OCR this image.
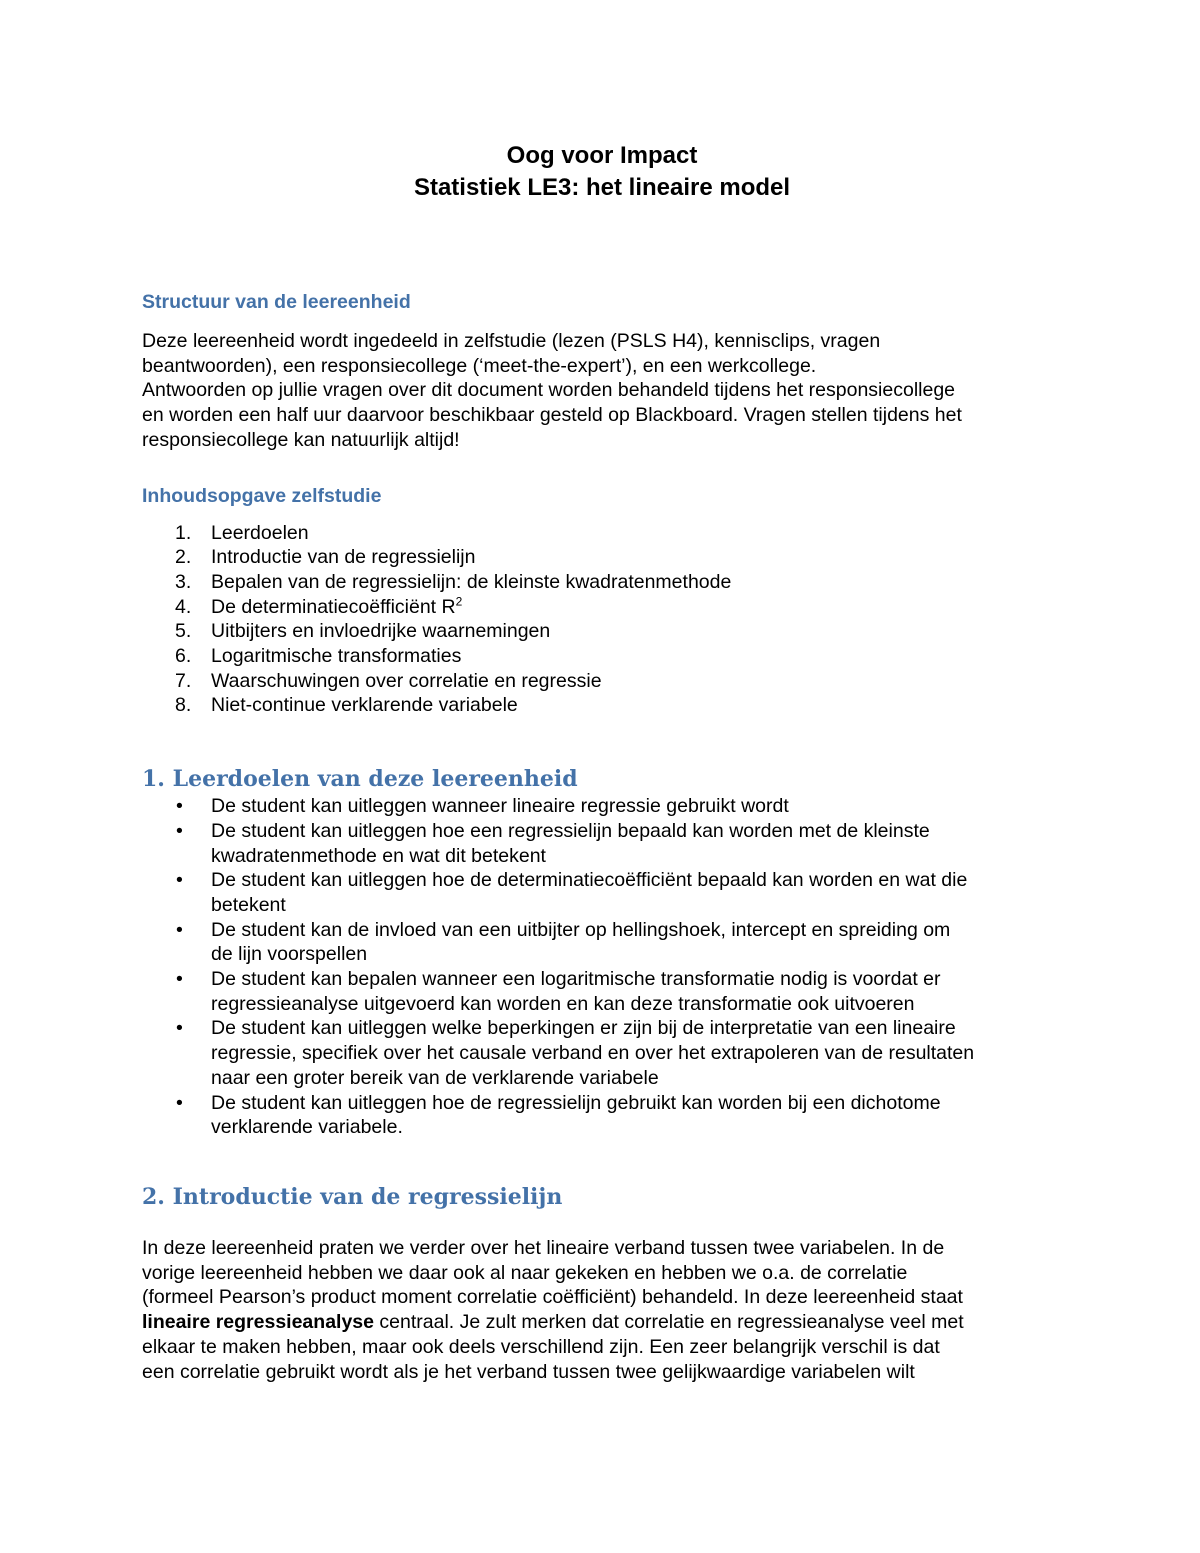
Oog voor Impact

Statistiek LE3: het lineaire model

Structuur van de leereenheid

Deze leereenheid wordt ingedeeld in zelfstudie (lezen (PSLS H4), kennisclips, vragen

beantwoorden), een responsiecollege (‘meet-the-expert’), en een werkcollege.

Antwoorden op jullie vragen over dit document worden behandeld tijdens het responsiecollege

en worden een half uur daarvoor beschikbaar gesteld op Blackboard. Vragen stellen tijdens het

responsiecollege kan natuurlijk altijd!

Inhoudsopgave zelfstudie
1. Leerdoelen
2. Introductie van de regressielijn
3. Bepalen van de regressielijn: de kleinste kwadratenmethode
4. De determinatiecoëfficiënt $R^2$
5. Uitbijters en invloedrijke waarnemingen
6. Logaritmische transformaties
7. Waarschuwingen over correlatie en regressie
8. Niet-continue verklarende variabele
1. Leerdoelen van deze leereenheid
• De student kan uitleggen wanneer lineaire regressie gebruikt wordt
• De student kan uitleggen hoe een regressielijn bepaald kan worden met de kleinste
kwadratenmethode en wat dit betekent
• De student kan uitleggen hoe de determinatiecoëfficiënt bepaald kan worden en wat die
betekent
• De student kan de invloed van een uitbijter op hellingshoek, intercept en spreiding om
de lijn voorspellen
• De student kan bepalen wanneer een logaritmische transformatie nodig is voordat er
regressieanalyse uitgevoerd kan worden en kan deze transformatie ook uitvoeren
• De student kan uitleggen welke beperkingen er zijn bij de interpretatie van een lineaire
regressie, specifiek over het causale verband en over het extrapoleren van de resultaten
naar een groter bereik van de verklarende variabele
• De student kan uitleggen hoe de regressielijn gebruikt kan worden bij een dichotome
verklarende variabele.
2. Introductie van de regressielijn

In deze leereenheid praten we verder over het lineaire verband tussen twee variabelen. In de

vorige leereenheid hebben we daar ook al naar gekeken en hebben we o.a. de correlatie

(formeel Pearson’s product moment correlatie coëfficiënt) behandeld. In deze leereenheid staat

lineaire regressieanalyse centraal. Je zult merken dat correlatie en regressieanalyse veel met

elkaar te maken hebben, maar ook deels verschillend zijn. Een zeer belangrijk verschil is dat

een correlatie gebruikt wordt als je het verband tussen twee gelijkwaardige variabelen wilt
